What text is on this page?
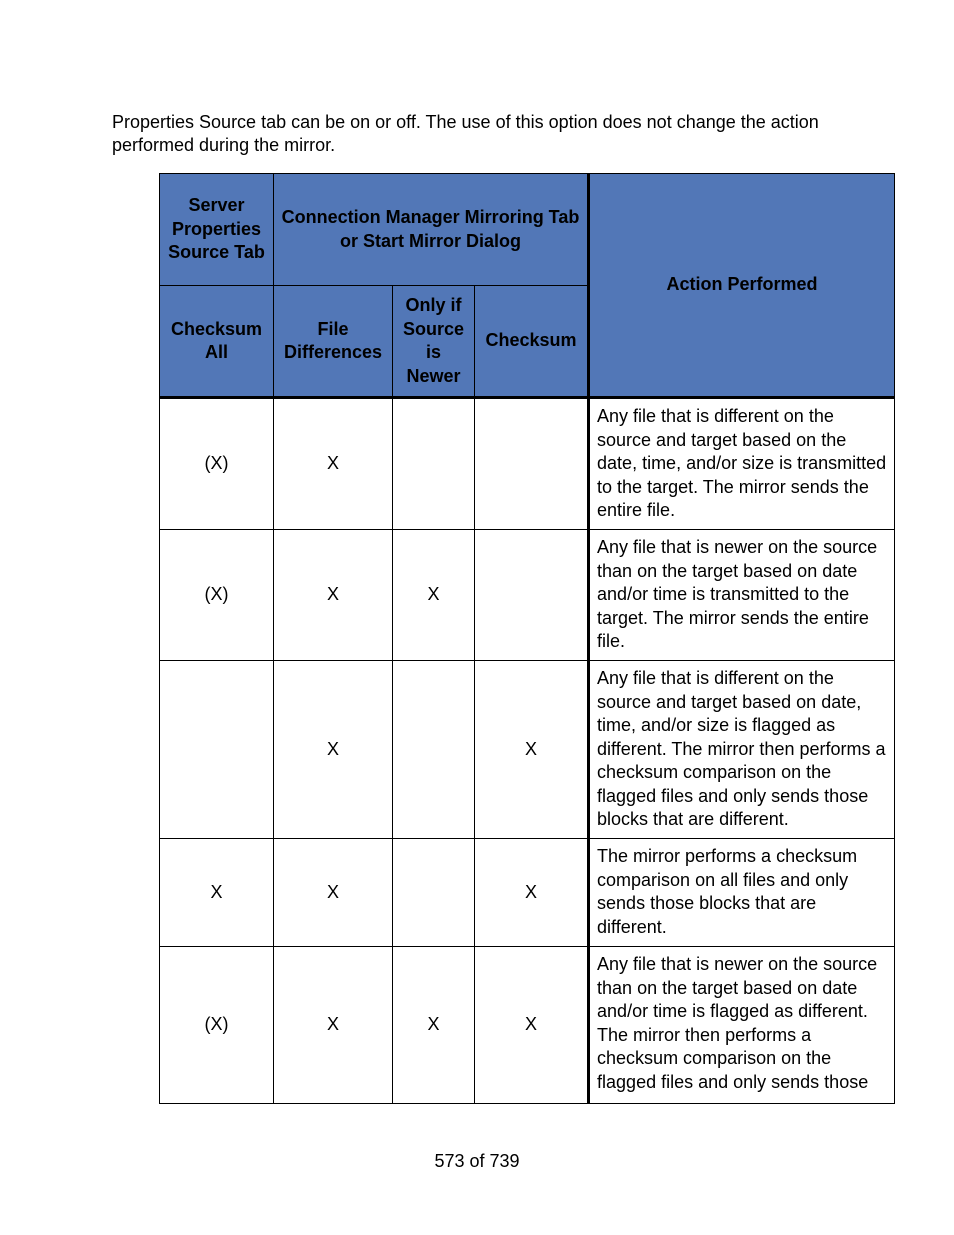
Properties Source tab can be on or off. The use of this option does not change the action performed during the mirror.

Server Properties Source Tab	Connection Manager Mirroring Tab or Start Mirror Dialog			Action Performed
Checksum All	File Differences	Only if Source is Newer	Checksum	
(X)	X			Any file that is different on the source and target based on the date, time, and/or size is transmitted to the target. The mirror sends the entire file.
(X)	X	X		Any file that is newer on the source than on the target based on date and/or time is transmitted to the target. The mirror sends the entire file.
	X		X	Any file that is different on the source and target based on date, time, and/or size is flagged as different. The mirror then performs a checksum comparison on the flagged files and only sends those blocks that are different.
X	X		X	The mirror performs a checksum comparison on all files and only sends those blocks that are different.
(X)	X	X	X	Any file that is newer on the source than on the target based on date and/or time is flagged as different. The mirror then performs a checksum comparison on the flagged files and only sends those
573 of 739
